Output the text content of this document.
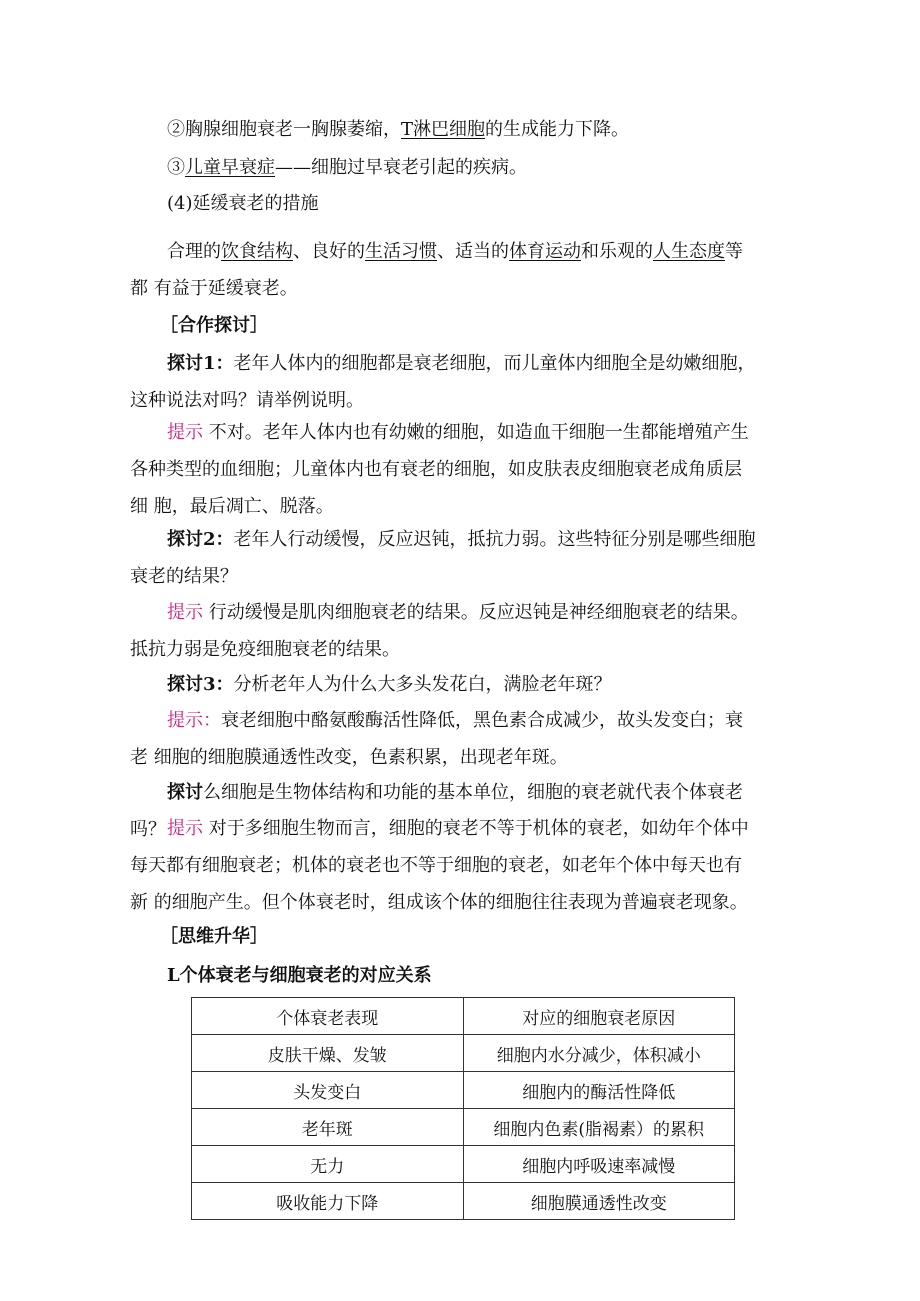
②胸腺细胞衰老一胸腺萎缩，T淋巴细胞的生成能力下降。
③儿童早衰症——细胞过早衰老引起的疾病。
(4)延缓衰老的措施
合理的饮食结构、良好的生活习惯、适当的体育运动和乐观的人生态度等都 有益于延缓衰老。
［合作探讨］
探讨1：老年人体内的细胞都是衰老细胞，而儿童体内细胞全是幼嫩细胞， 这种说法对吗？请举例说明。
提示 不对。老年人体内也有幼嫩的细胞，如造血干细胞一生都能增殖产生 各种类型的血细胞；儿童体内也有衰老的细胞，如皮肤表皮细胞衰老成角质层细 胞，最后凋亡、脱落。
探讨2：老年人行动缓慢，反应迟钝，抵抗力弱。这些特征分别是哪些细胞 衰老的结果？
提示 行动缓慢是肌肉细胞衰老的结果。反应迟钝是神经细胞衰老的结果。 抵抗力弱是免疫细胞衰老的结果。
探讨3：分析老年人为什么大多头发花白，满脸老年斑？
提示：衰老细胞中酪氨酸酶活性降低，黑色素合成减少，故头发变白；衰老 细胞的细胞膜通透性改变，色素积累，出现老年斑。
探讨么细胞是生物体结构和功能的基本单位，细胞的衰老就代表个体衰老 吗？ 提示 对于多细胞生物而言，细胞的衰老不等于机体的衰老，如幼年个体中 每天都有细胞衰老；机体的衰老也不等于细胞的衰老，如老年个体中每天也有新 的细胞产生。但个体衰老时，组成该个体的细胞往往表现为普遍衰老现象。
［思维升华］
L个体衰老与细胞衰老的对应关系
个体衰老表现	对应的细胞衰老原因
皮肤干燥、发皱	细胞内水分减少，体积减小
头发变白	细胞内的酶活性降低
老年斑	细胞内色素(脂褐素）的累积
无力	细胞内呼吸速率减慢
吸收能力下降	细胞膜通透性改变
